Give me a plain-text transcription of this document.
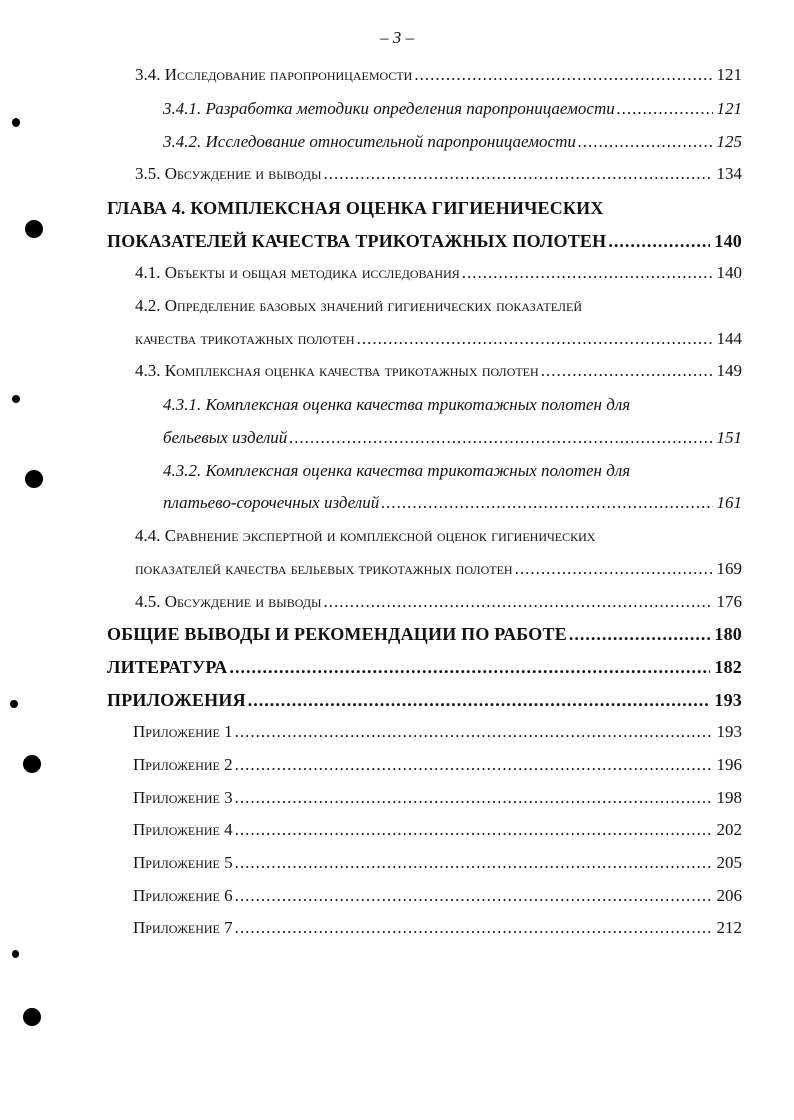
– 3 –
3.4. Исследование паропроницаемости .....	121
3.4.1. Разработка методики определения паропроницаемости .....	121
3.4.2. Исследование относительной паропроницаемости .....	125
3.5. Обсуждение и выводы .....	134
ГЛАВА 4. КОМПЛЕКСНАЯ ОЦЕНКА ГИГИЕНИЧЕСКИХ
ПОКАЗАТЕЛЕЙ КАЧЕСТВА ТРИКОТАЖНЫХ ПОЛОТЕН .....	140
4.1. Объекты и общая методика исследования .....	140
4.2. Определение базовых значений гигиенических показателей
качества трикотажных полотен .....	144
4.3. Комплексная оценка качества трикотажных полотен .....	149
4.3.1. Комплексная оценка качества трикотажных полотен для
бельевых изделий .....	151
4.3.2. Комплексная оценка качества трикотажных полотен для
платьево-сорочечных изделий .....	161
4.4. Сравнение экспертной и комплексной оценок гигиенических
показателей качества бельевых трикотажных полотен .....	169
4.5. Обсуждение и выводы .....	176
ОБЩИЕ ВЫВОДЫ И РЕКОМЕНДАЦИИ ПО РАБОТЕ .....	180
ЛИТЕРАТУРА .....	182
ПРИЛОЖЕНИЯ .....	193
Приложение 1 .....	193
Приложение 2 .....	196
Приложение 3 .....	198
Приложение 4 .....	202
Приложение 5 .....	205
Приложение 6 .....	206
Приложение 7 .....	212
